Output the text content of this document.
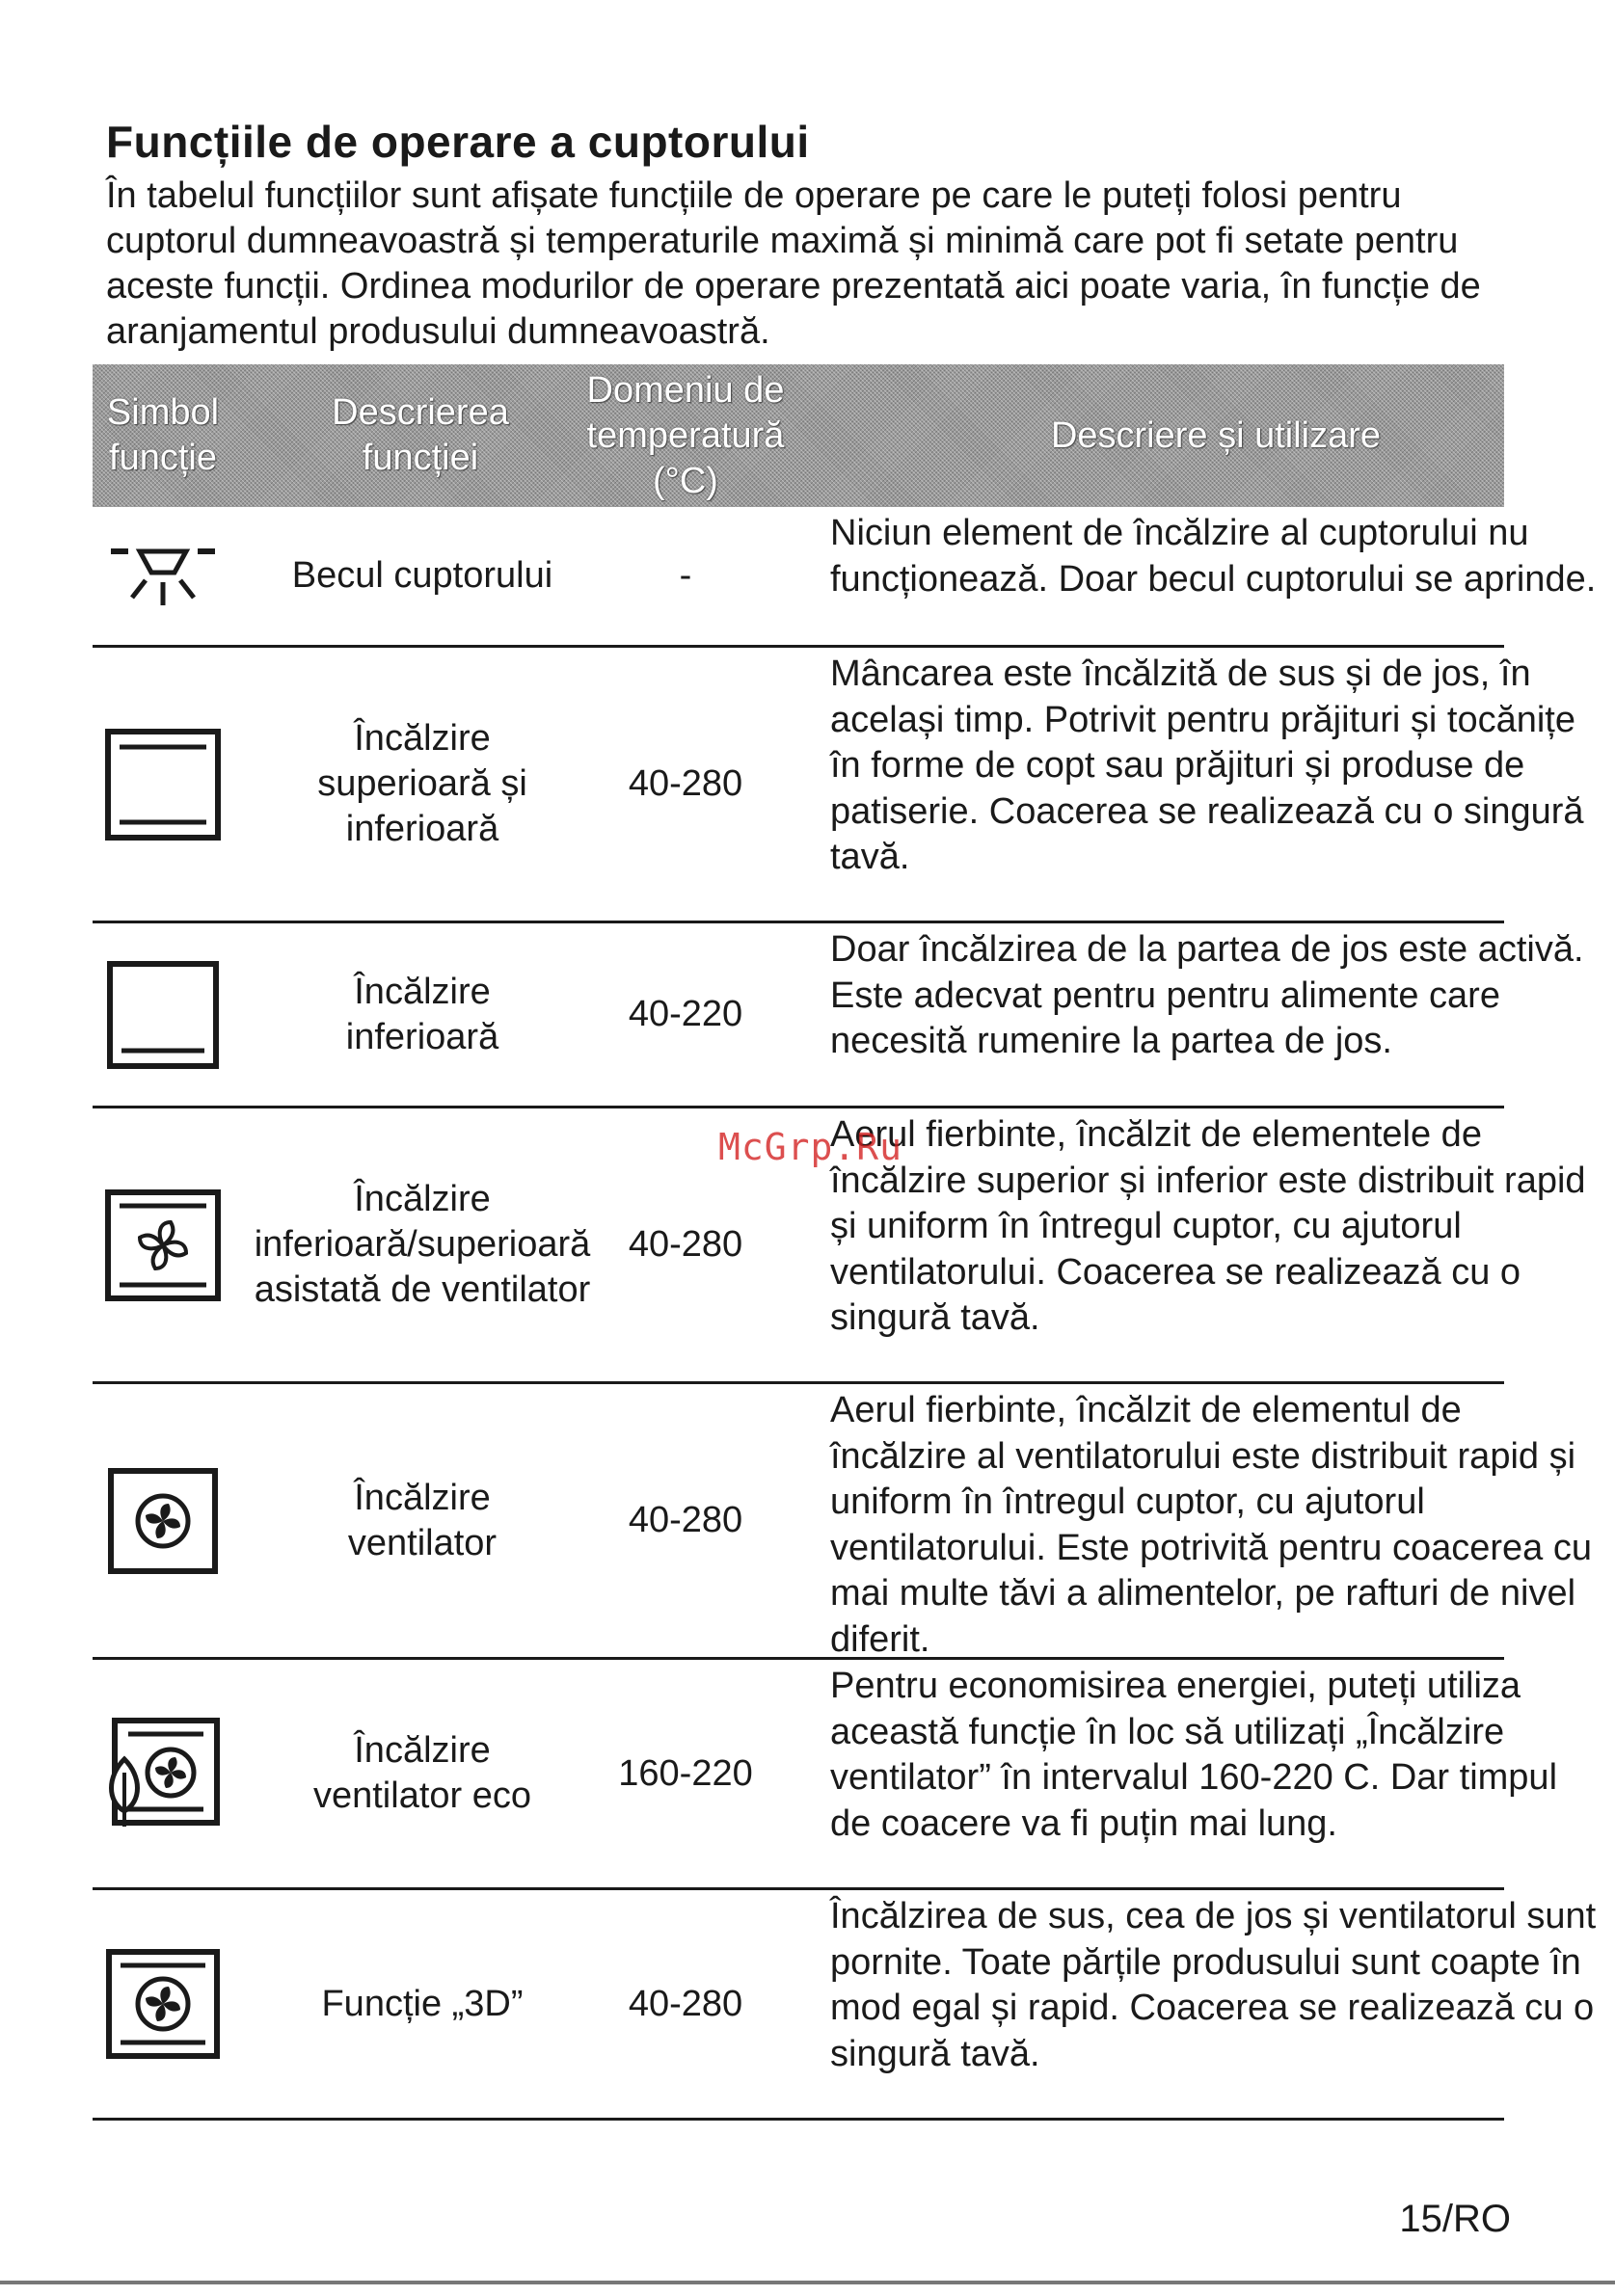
Funcțiile de operare a cuptorului
În tabelul funcțiilor sunt afișate funcțiile de operare pe care le puteți folosi pentru cuptorul dumneavoastră și temperaturile maximă și minimă care pot fi setate pentru aceste funcții. Ordinea modurilor de operare prezentată aici poate varia, în funcție de aranjamentul produsului dumneavoastră.
Simbol funcție
Descrierea funcției
Domeniu de temperatură (°C)
Descriere și utilizare
Becul cuptorului	-
Niciun element de încălzire al cuptorului nu funcționează. Doar becul cuptorului se aprinde.
Încălzire superioară și inferioară
40-280
Mâncarea este încălzită de sus și de jos, în același timp. Potrivit pentru prăjituri și tocănițe în forme de copt sau prăjituri și produse de patiserie. Coacerea se realizează cu o singură tavă.
Încălzire inferioară
40-220
Doar încălzirea de la partea de jos este activă. Este adecvat pentru pentru alimente care necesită rumenire la partea de jos.
Încălzire inferioară/superioară asistată de ventilator
40-280
Aerul fierbinte, încălzit de elementele de încălzire superior și inferior este distribuit rapid și uniform în întregul cuptor, cu ajutorul ventilatorului. Coacerea se realizează cu o singură tavă.
Încălzire ventilator
40-280
Aerul fierbinte, încălzit de elementul de încălzire al ventilatorului este distribuit rapid și uniform în întregul cuptor, cu ajutorul ventilatorului. Este potrivită pentru coacerea cu mai multe tăvi a alimentelor, pe rafturi de nivel diferit.
Încălzire ventilator eco
160-220
Pentru economisirea energiei, puteți utiliza această funcție în loc să utilizați „Încălzire ventilator” în intervalul 160-220 C. Dar timpul de coacere va fi puțin mai lung.
Funcție „3D”	40-280
Încălzirea de sus, cea de jos și ventilatorul sunt pornite. Toate părțile produsului sunt coapte în mod egal și rapid. Coacerea se realizează cu o singură tavă.
McGrp.Ru
15/RO
